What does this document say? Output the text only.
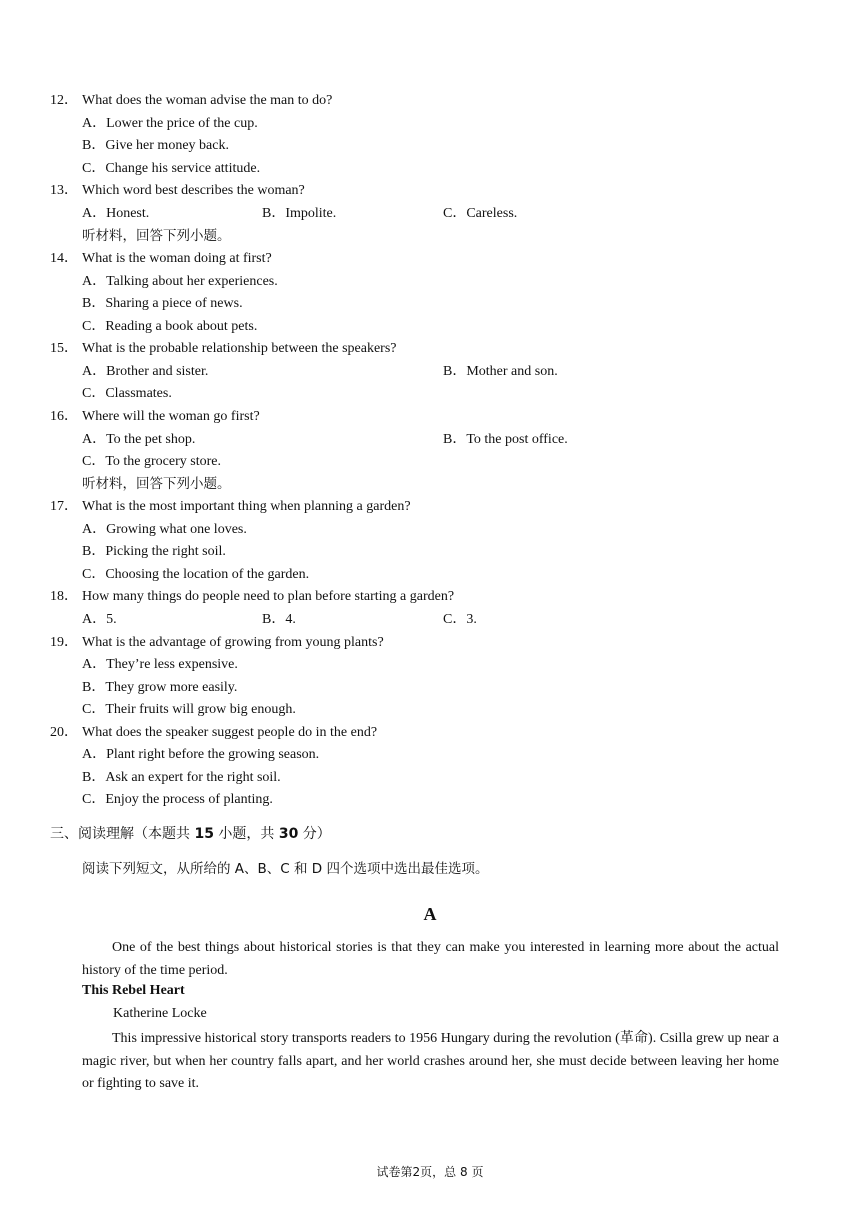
12． What does the woman advise the man to do?
A．Lower the price of the cup.
B．Give her money back.
C．Change his service attitude.
13． Which word best describes the woman?
A．Honest.	B．Impolite.	C．Careless.
听材料，回答下列小题。
14． What is the woman doing at first?
A．Talking about her experiences.
B．Sharing a piece of news.
C．Reading a book about pets.
15． What is the probable relationship between the speakers?
A．Brother and sister.	B．Mother and son.
C．Classmates.
16． Where will the woman go first?
A．To the pet shop.	B．To the post office.
C．To the grocery store.
听材料，回答下列小题。
17． What is the most important thing when planning a garden?
A．Growing what one loves.
B．Picking the right soil.
C．Choosing the location of the garden.
18． How many things do people need to plan before starting a garden?
A．5.	B．4.	C．3.
19． What is the advantage of growing from young plants?
A．They’re less expensive.
B．They grow more easily.
C．Their fruits will grow big enough.
20． What does the speaker suggest people do in the end?
A．Plant right before the growing season.
B．Ask an expert for the right soil.
C．Enjoy the process of planting.
三、阅读理解（本题共 15 小题，共 30 分）
阅读下列短文，从所给的 A、B、C 和 D 四个选项中选出最佳选项。
A
One of the best things about historical stories is that they can make you interested in learning more about the actual history of the time period.
This Rebel Heart
Katherine Locke
This impressive historical story transports readers to 1956 Hungary during the revolution (革命). Csilla grew up near a magic river, but when her country falls apart, and her world crashes around her, she must decide between leaving her home or fighting to save it.
试卷第2页，总 8 页
